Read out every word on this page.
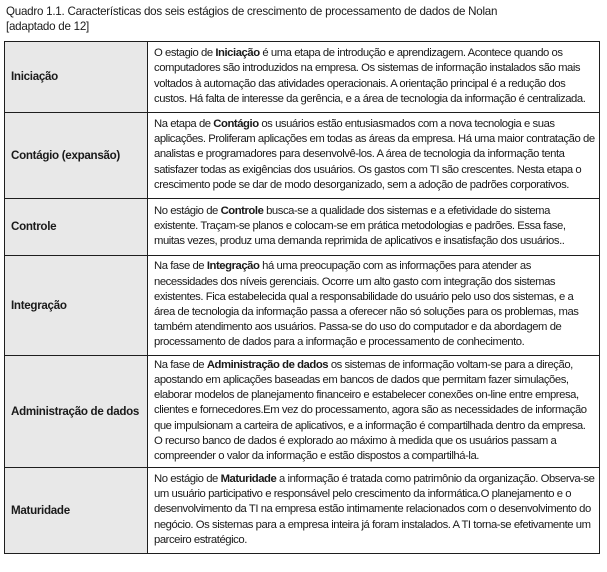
Quadro 1.1. Características dos seis estágios de crescimento de processamento de dados de Nolan
[adaptado de 12]
Iniciação	O estagio de Iniciação é uma etapa de introdução e aprendizagem. Acontece quando os computadores são introduzidos na empresa. Os sistemas de informação instalados são mais voltados à automação das atividades operacionais. A orientação principal é a redução dos custos. Há falta de interesse da gerência, e a área de tecnologia da informação é centralizada.
Contágio (expansão)	Na etapa de Contágio os usuários estão entusiasmados com a nova tecnologia e suas aplicações. Proliferam aplicações em todas as áreas da empresa. Há uma maior contratação de analistas e programadores para desenvolvê-los. A área de tecnologia da informação tenta satisfazer todas as exigências dos usuários. Os gastos com TI são crescentes. Nesta etapa o crescimento pode se dar de modo desorganizado, sem a adoção de padrões corporativos.
Controle	No estágio de Controle busca-se a qualidade dos sistemas e a efetividade do sistema existente. Traçam-se planos e colocam-se em prática metodologias e padrões. Essa fase, muitas vezes, produz uma demanda reprimida de aplicativos e insatisfação dos usuários..
Integração	Na fase de Integração há uma preocupação com as informações para atender as necessidades dos níveis gerenciais. Ocorre um alto gasto com integração dos sistemas existentes. Fica estabelecida qual a responsabilidade do usuário pelo uso dos sistemas, e a área de tecnologia da informação passa a oferecer não só soluções para os problemas, mas também atendimento aos usuários. Passa-se do uso do computador e da abordagem de processamento de dados para a informação e processamento de conhecimento.
Administração de dados	Na fase de Administração de dados os sistemas de informação voltam-se para a direção, apostando em aplicações baseadas em bancos de dados que permitam fazer simulações, elaborar modelos de planejamento financeiro e estabelecer conexões on-line entre empresa, clientes e fornecedores.Em vez do processamento, agora são as necessidades de informação que impulsionam a carteira de aplicativos, e a informação é compartilhada dentro da empresa. O recurso banco de dados é explorado ao máximo à medida que os usuários passam a compreender o valor da informação e estão dispostos a compartilhá-la.
Maturidade	No estágio de Maturidade a informação é tratada como patrimônio da organização. Observa-se um usuário participativo e responsável pelo crescimento da informática.O planejamento e o desenvolvimento da TI na empresa estão intimamente relacionados com o desenvolvimento do negócio. Os sistemas para a empresa inteira já foram instalados. A TI torna-se efetivamente um parceiro estratégico.
